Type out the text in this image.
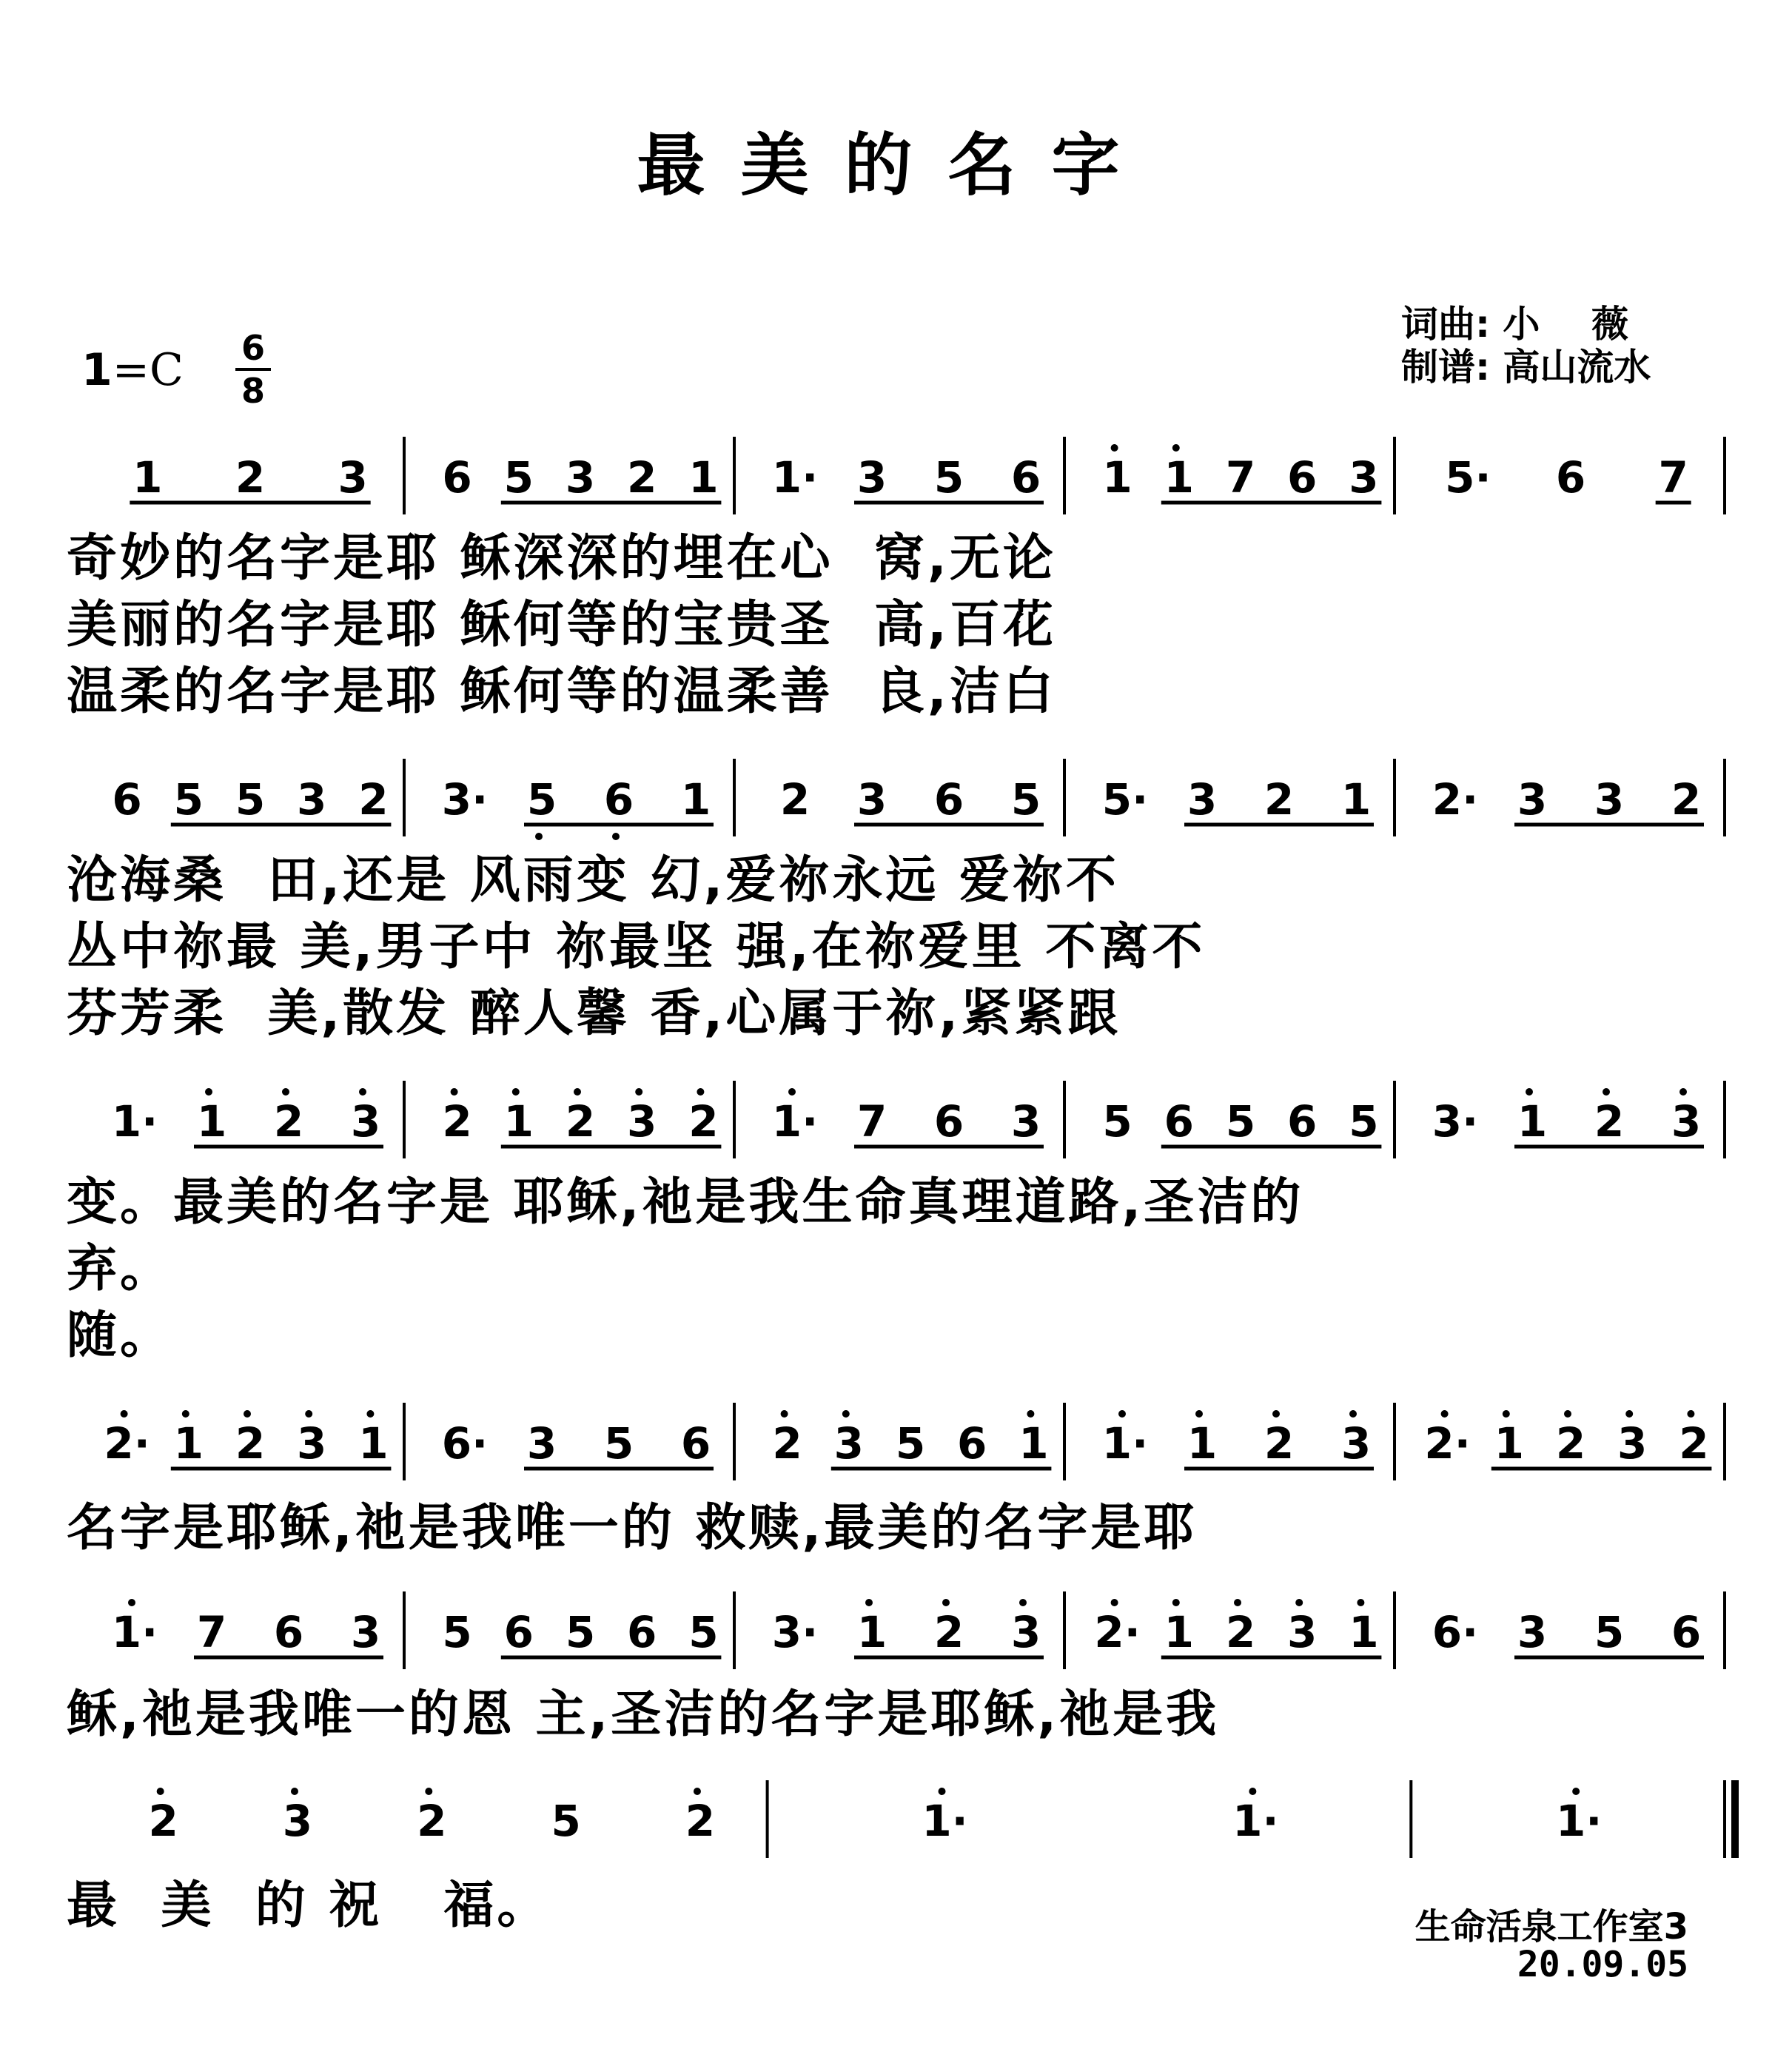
最美的名字
1=C	6
8
词曲: 小    薇
制谱: 高山流水
1 2 3 6 5 3 2 1 1· 3 5 6 1 1 7 6 3 5· 6 7
6 5 5 3 2 3· 5 6 1 2 3 6 5 5· 3 2 1 2· 3 3 2
1· 1 2 3 2 1 2 3 2 1· 7 6 3 5 6 5 6 5 3· 1 2 3
2· 1 2 3 1 6· 3 5 6 2 3 5 6 1 1· 1 2 3 2· 1 2 3 2
1· 7 6 3 5 6 5 6 5 3· 1 2 3 2· 1 2 3 1 6· 3 5 6
2 3 2 5 2	1·	1·	1·
奇妙的名字是耶 稣深深的埋在心  窝,无论
美丽的名字是耶 稣何等的宝贵圣  高,百花
温柔的名字是耶 稣何等的温柔善  良,洁白
沧海桑  田,还是 风雨变 幻,爱祢永远 爱祢不
丛中祢最 美,男子中 祢最坚 强,在祢爱里 不离不
芬芳柔  美,散发 醉人馨 香,心属于祢,紧紧跟
变。最美的名字是 耶稣,祂是我生命真理道路,圣洁的
弃。
随。
名字是耶稣,祂是我唯一的 救赎,最美的名字是耶
稣,祂是我唯一的恩 主,圣洁的名字是耶稣,祂是我
最  美  的 祝   福。	生命活泉工作室3
20.09.05
